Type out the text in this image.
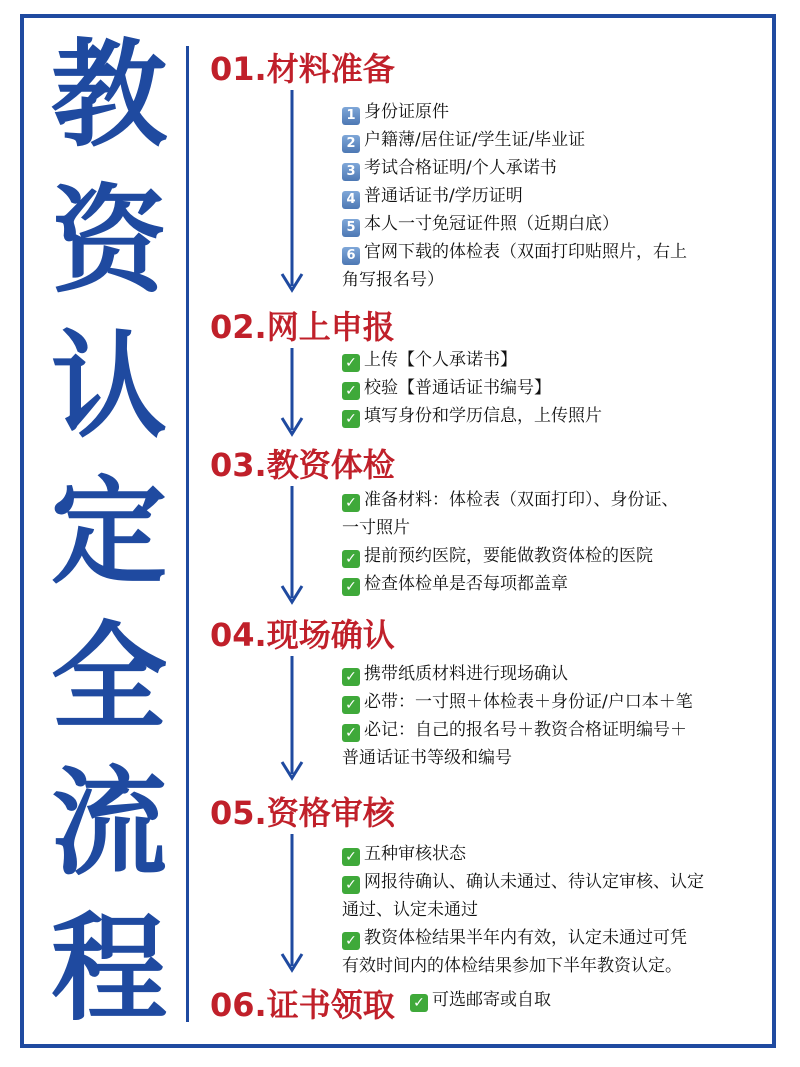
教
资
认
定
全
流
程
01.材料准备
1 身份证原件
2 户籍薄/居住证/学生证/毕业证
3 考试合格证明/个人承诺书
4 普通话证书/学历证明
5 本人一寸免冠证件照（近期白底）
6 官网下载的体检表（双面打印贴照片，右上
角写报名号）
02.网上申报
✓ 上传【个人承诺书】
✓ 校验【普通话证书编号】
✓ 填写身份和学历信息，上传照片
03.教资体检
✓ 准备材料：体检表（双面打印）、身份证、
一寸照片
✓ 提前预约医院，要能做教资体检的医院
✓ 检查体检单是否每项都盖章
04.现场确认
✓ 携带纸质材料进行现场确认
✓ 必带：一寸照＋体检表＋身份证/户口本＋笔
✓ 必记：自己的报名号＋教资合格证明编号＋
普通话证书等级和编号
05.资格审核
✓ 五种审核状态
✓ 网报待确认、确认未通过、待认定审核、认定
通过、认定未通过
✓ 教资体检结果半年内有效，认定未通过可凭
有效时间内的体检结果参加下半年教资认定。
06.证书领取 ✓ 可选邮寄或自取
